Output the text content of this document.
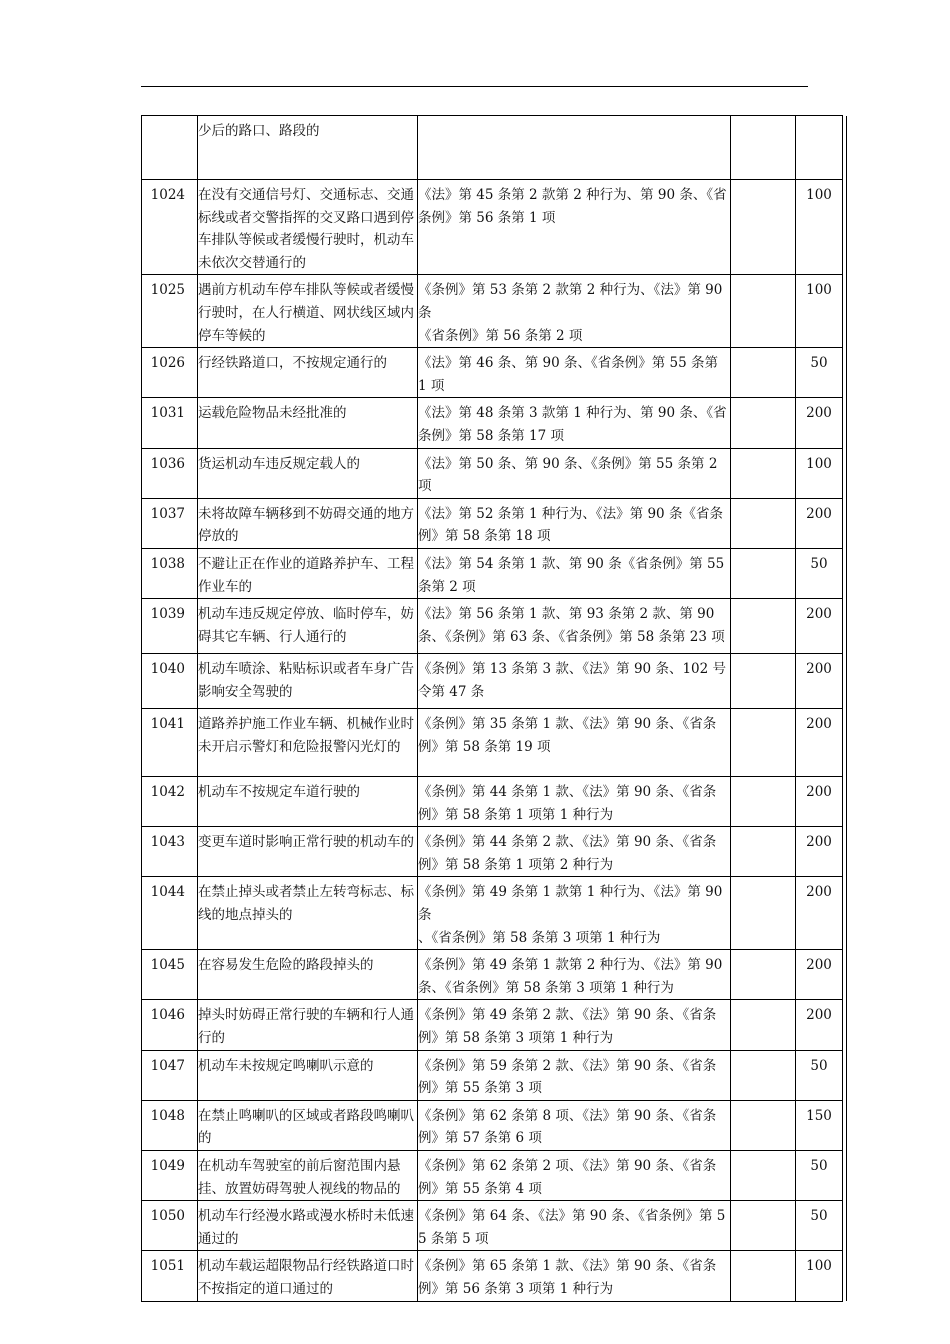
	少后的路口、路段的				

1024	在没有交通信号灯、交通标志、交通标线或者交警指挥的交叉路口遇到停车排队等候或者缓慢行驶时，机动车未依次交替通行的	《法》第 45 条第 2 款第 2 种行为、第 90 条、《省条例》第 56 条第 1 项		100	

1025	遇前方机动车停车排队等候或者缓慢行驶时，在人行横道、网状线区域内停车等候的	《条例》第 53 条第 2 款第 2 种行为、《法》第 90 条
《省条例》第 56 条第 2 项		100	

1026	行经铁路道口，不按规定通行的	《法》第 46 条、第 90 条、《省条例》第 55 条第 1 项		50	

1031	运载危险物品未经批准的	《法》第 48 条第 3 款第 1 种行为、第 90 条、《省条例》第 58 条第 17 项		200	

1036	货运机动车违反规定载人的	《法》第 50 条、第 90 条、《条例》第 55 条第 2 项		100	

1037	未将故障车辆移到不妨碍交通的地方停放的	《法》第 52 条第 1 种行为、《法》第 90 条《省条例》第 58 条第 18 项		200	

1038	不避让正在作业的道路养护车、工程作业车的	《法》第 54 条第 1 款、第 90 条《省条例》第 55 条第 2 项		50	

1039	机动车违反规定停放、临时停车，妨碍其它车辆、行人通行的	《法》第 56 条第 1 款、第 93 条第 2 款、第 90 条、《条例》第 63 条、《省条例》第 58 条第 23 项		200	

1040	机动车喷涂、粘贴标识或者车身广告影响安全驾驶的	《条例》第 13 条第 3 款、《法》第 90 条、102 号令第 47 条		200	

1041	道路养护施工作业车辆、机械作业时未开启示警灯和危险报警闪光灯的	《条例》第 35 条第 1 款、《法》第 90 条、《省条例》第 58 条第 19 项		200	

1042	机动车不按规定车道行驶的	《条例》第 44 条第 1 款、《法》第 90 条、《省条例》第 58 条第 1 项第 1 种行为		200	

1043	变更车道时影响正常行驶的机动车的	《条例》第 44 条第 2 款、《法》第 90 条、《省条例》第 58 条第 1 项第 2 种行为		200	

1044	在禁止掉头或者禁止左转弯标志、标线的地点掉头的	《条例》第 49 条第 1 款第 1 种行为、《法》第 90 条
、《省条例》第 58 条第 3 项第 1 种行为		200	

1045	在容易发生危险的路段掉头的	《条例》第 49 条第 1 款第 2 种行为、《法》第 90 条、《省条例》第 58 条第 3 项第 1 种行为		200	

1046	掉头时妨碍正常行驶的车辆和行人通行的	《条例》第 49 条第 2 款、《法》第 90 条、《省条例》第 58 条第 3 项第 1 种行为		200	

1047	机动车未按规定鸣喇叭示意的	《条例》第 59 条第 2 款、《法》第 90 条、《省条例》第 55 条第 3 项		50	

1048	在禁止鸣喇叭的区域或者路段鸣喇叭的	《条例》第 62 条第 8 项、《法》第 90 条、《省条例》第 57 条第 6 项		150	

1049	在机动车驾驶室的前后窗范围内悬挂、放置妨碍驾驶人视线的物品的	《条例》第 62 条第 2 项、《法》第 90 条、《省条例》第 55 条第 4 项		50	

1050	机动车行经漫水路或漫水桥时未低速通过的	《条例》第 64 条、《法》第 90 条、《省条例》第 55 条第 5 项		50	

1051	机动车载运超限物品行经铁路道口时不按指定的道口通过的	《条例》第 65 条第 1 款、《法》第 90 条、《省条例》第 56 条第 3 项第 1 种行为		100	
